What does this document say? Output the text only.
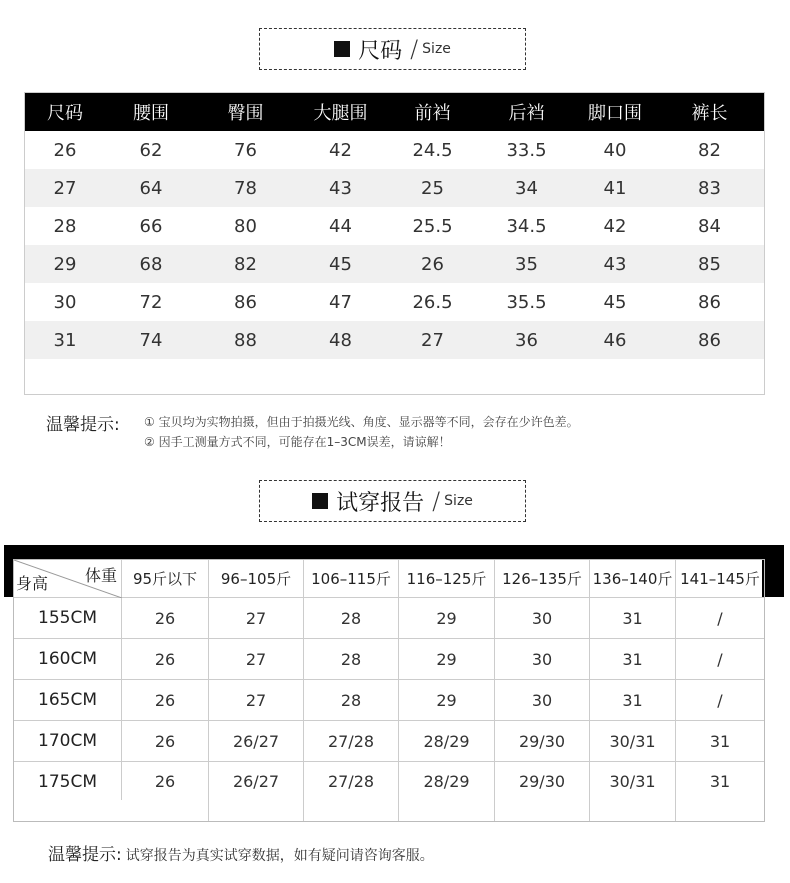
尺码 / Size
尺码	腰围	臀围	大腿围	前裆	后裆	脚口围	裤长
26	62	76	42	24.5	33.5	40	82
27	64	78	43	25	34	41	83
28	66	80	44	25.5	34.5	42	84
29	68	82	45	26	35	43	85
30	72	86	47	26.5	35.5	45	86
31	74	88	48	27	36	46	86
温馨提示:	① 宝贝均为实物拍摄，但由于拍摄光线、角度、显示器等不同，会存在少许色差。
② 因手工测量方式不同，可能存在1–3CM误差，请谅解！
试穿报告 / Size
体重
身高	95斤以下	96–105斤	106–115斤	116–125斤	126–135斤 136–140斤 141–145斤
155CM	26	27	28	29	30	31	/
160CM	26	27	28	29	30	31	/
165CM	26	27	28	29	30	31	/
170CM	26	26/27	27/28	28/29	29/30	30/31	31
175CM	26	26/27	27/28	28/29	29/30	30/31	31
温馨提示: 试穿报告为真实试穿数据，如有疑问请咨询客服。
